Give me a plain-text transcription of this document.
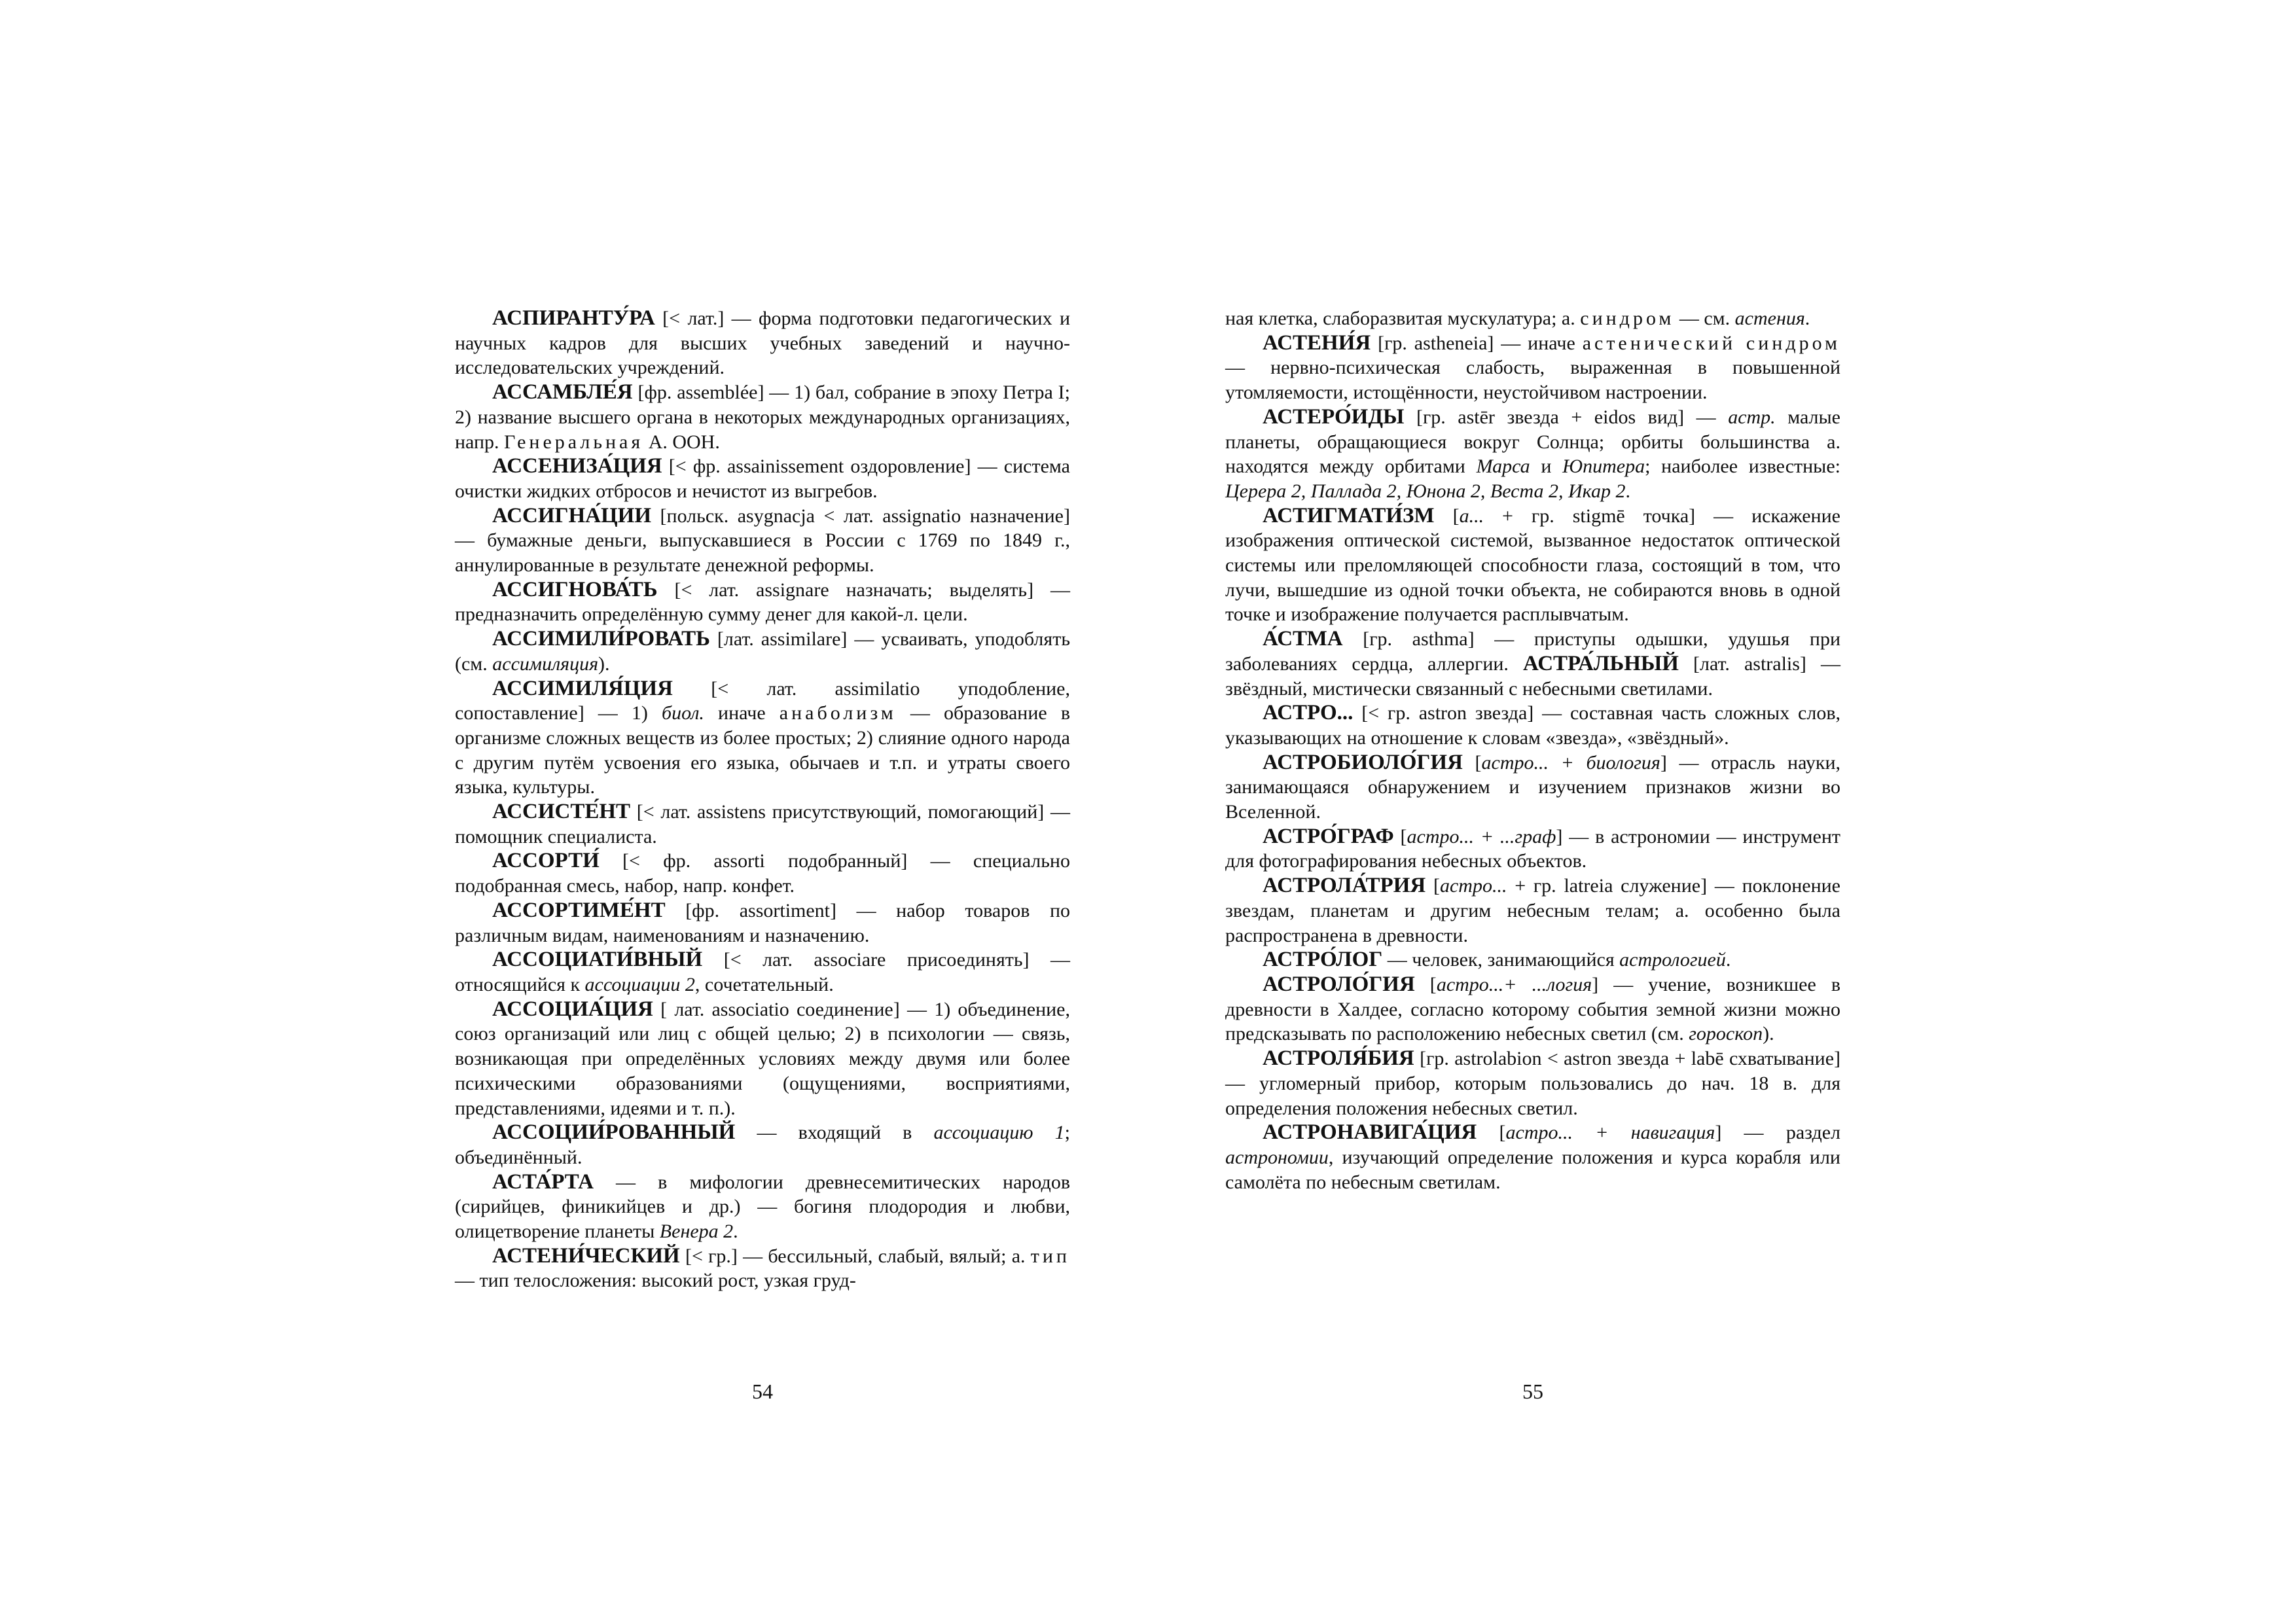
АСПИРАНТУ́РА [< лат.] — форма подготовки педагогических и научных кадров для высших учебных заведений и научно-исследовательских учреждений.

АССАМБЛЕ́Я [фр. assemblée] — 1) бал, собрание в эпоху Петра I; 2) название высшего органа в некоторых международных организациях, напр. Генеральная А. ООН.

АССЕНИЗА́ЦИЯ [< фр. assainissement оздоровление] — система очистки жидких отбросов и нечистот из выгребов.

АССИГНА́ЦИИ [польск. asygnacja < лат. assignatio назначение] — бумажные деньги, выпускавшиеся в России с 1769 по 1849 г., аннулированные в результате денежной реформы.

АССИГНОВА́ТЬ [< лат. assignare назначать; выделять] — предназначить определённую сумму денег для какой-л. цели.

АССИМИЛИ́РОВАТЬ [лат. assimilare] — усваивать, уподоблять (см. ассимиляция).

АССИМИЛЯ́ЦИЯ [< лат. assimilatio уподобление, сопоставление] — 1) биол. иначе анаболизм — образование в организме сложных веществ из более простых; 2) слияние одного народа с другим путём усвоения его языка, обычаев и т.п. и утраты своего языка, культуры.

АССИСТЕ́НТ [< лат. assistens присутствующий, помогающий] — помощник специалиста.

АССОРТИ́ [< фр. assorti подобранный] — специально подобранная смесь, набор, напр. конфет.

АССОРТИМЕ́НТ [фр. assortiment] — набор товаров по различным видам, наименованиям и назначению.

АССОЦИАТИ́ВНЫЙ [< лат. associare присоединять] — относящийся к ассоциации 2, сочетательный.

АССОЦИА́ЦИЯ [ лат. associatio соединение] — 1) объединение, союз организаций или лиц с общей целью; 2) в психологии — связь, возникающая при определённых условиях между двумя или более психическими образованиями (ощущениями, восприятиями, представлениями, идеями и т. п.).

АССОЦИИ́РОВАННЫЙ — входящий в ассоциацию 1; объединённый.

АСТА́РТА — в мифологии древнесемитических народов (сирийцев, финикийцев и др.) — богиня плодородия и любви, олицетворение планеты Венера 2.

АСТЕНИ́ЧЕСКИЙ [< гр.] — бессильный, слабый, вялый; а. тип — тип телосложения: высокий рост, узкая груд-

54

ная клетка, слаборазвитая мускулатура; а. синдром — см. астения.

АСТЕНИ́Я [гр. asthenеia] — иначе астенический синдром — нервно-психическая слабость, выраженная в повышенной утомляемости, истощённости, неустойчивом настроении.

АСТЕРО́ИДЫ [гр. astēr звезда + eidos вид] — астр. малые планеты, обращающиеся вокруг Солнца; орбиты большинства а. находятся между орбитами Марса и Юпитера; наиболее известные: Церера 2, Паллада 2, Юнона 2, Веста 2, Икар 2.

АСТИГМАТИ́ЗМ [а... + гр. stigmē точка] — искажение изображения оптической системой, вызванное недостаток оптической системы или преломляющей способности глаза, состоящий в том, что лучи, вышедшие из одной точки объекта, не собираются вновь в одной точке и изображение получается расплывчатым.

А́СТМА [гр. asthma] — приступы одышки, удушья при заболеваниях сердца, аллергии. АСТРА́ЛЬНЫЙ [лат. astralis] — звёздный, мистически связанный с небесными светилами.

АСТРО... [< гр. astron звезда] — составная часть сложных слов, указывающих на отношение к словам «звезда», «звёздный».

АСТРОБИОЛО́ГИЯ [астро... + биология] — отрасль науки, занимающаяся обнаружением и изучением признаков жизни во Вселенной.

АСТРО́ГРАФ [астро... + ...граф] — в астрономии — инструмент для фотографирования небесных объектов.

АСТРОЛА́ТРИЯ [астро... + гр. latreia служение] — поклонение звездам, планетам и другим небесным телам; а. особенно была распространена в древности.

АСТРО́ЛОГ — человек, занимающийся астрологией.

АСТРОЛО́ГИЯ [астро...+ ...логия] — учение, возникшее в древности в Халдее, согласно которому события земной жизни можно предсказывать по расположению небесных светил (см. гороскоп).

АСТРОЛЯ́БИЯ [гр. astrolabion < astron звезда + labē схватывание] — угломерный прибор, которым пользовались до нач. 18 в. для определения положения небесных светил.

АСТРОНАВИГА́ЦИЯ [астро... + навигация] — раздел астрономии, изучающий определение положения и курса корабля или самолёта по небесным светилам.

55
